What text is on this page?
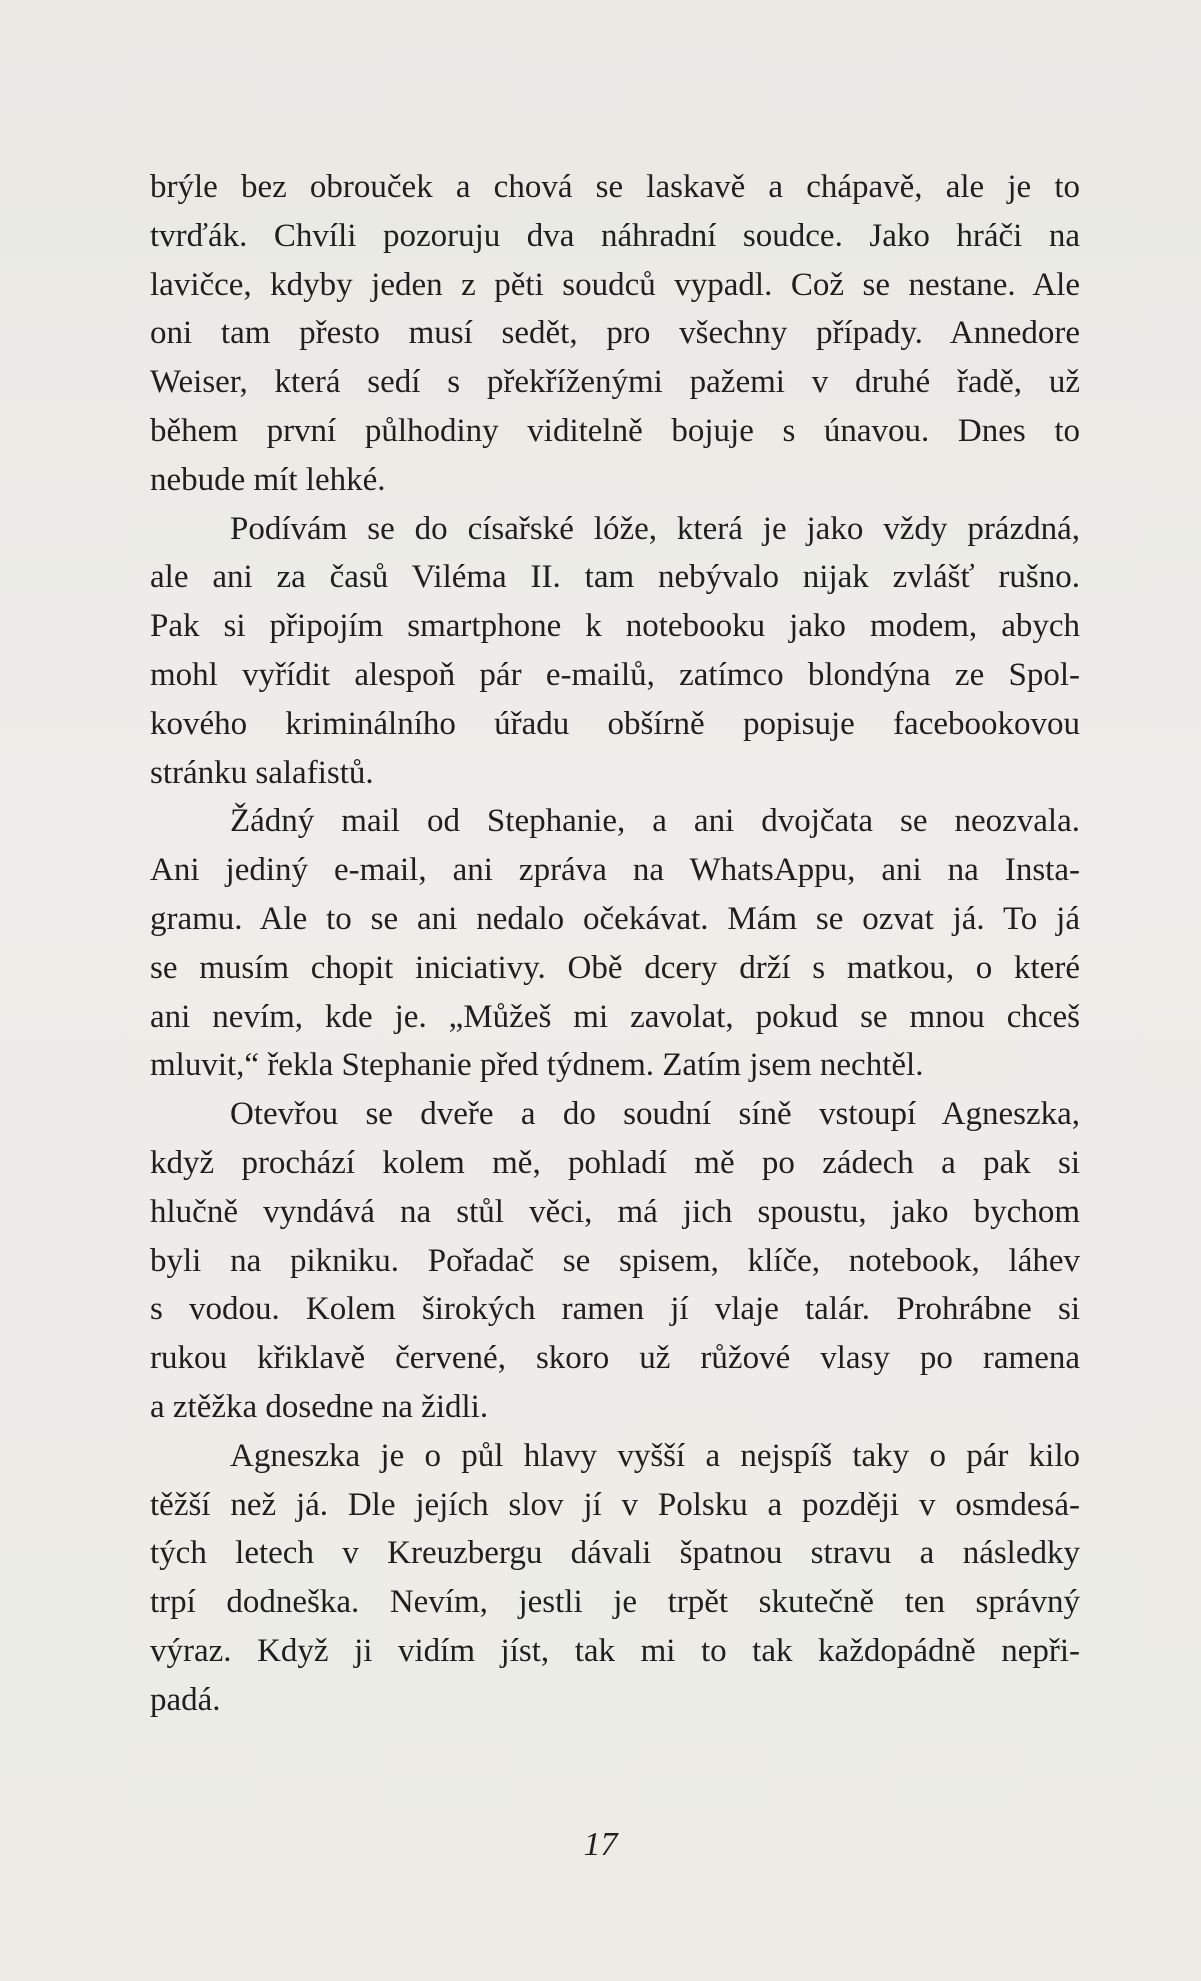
brýle bez obrouček a chová se laskavě a chápavě, ale je to
tvrďák. Chvíli pozoruju dva náhradní soudce. Jako hráči na
lavičce, kdyby jeden z pěti soudců vypadl. Což se nestane. Ale
oni tam přesto musí sedět, pro všechny případy. Annedore
Weiser, která sedí s překříženými pažemi v druhé řadě, už
během první půlhodiny viditelně bojuje s únavou. Dnes to
nebude mít lehké.
Podívám se do císařské lóže, která je jako vždy prázdná,
ale ani za časů Viléma II. tam nebývalo nijak zvlášť rušno.
Pak si připojím smartphone k notebooku jako modem, abych
mohl vyřídit alespoň pár e-mailů, zatímco blondýna ze Spol-
kového kriminálního úřadu obšírně popisuje facebookovou
stránku salafistů.
Žádný mail od Stephanie, a ani dvojčata se neozvala.
Ani jediný e-mail, ani zpráva na WhatsAppu, ani na Insta-
gramu. Ale to se ani nedalo očekávat. Mám se ozvat já. To já
se musím chopit iniciativy. Obě dcery drží s matkou, o které
ani nevím, kde je. „Můžeš mi zavolat, pokud se mnou chceš
mluvit,“ řekla Stephanie před týdnem. Zatím jsem nechtěl.
Otevřou se dveře a do soudní síně vstoupí Agneszka,
když prochází kolem mě, pohladí mě po zádech a pak si
hlučně vyndává na stůl věci, má jich spoustu, jako bychom
byli na pikniku. Pořadač se spisem, klíče, notebook, láhev
s vodou. Kolem širokých ramen jí vlaje talár. Prohrábne si
rukou křiklavě červené, skoro už růžové vlasy po ramena
a ztěžka dosedne na židli.
Agneszka je o půl hlavy vyšší a nejspíš taky o pár kilo
těžší než já. Dle jejích slov jí v Polsku a později v osmdesá-
tých letech v Kreuzbergu dávali špatnou stravu a následky
trpí dodneška. Nevím, jestli je trpět skutečně ten správný
výraz. Když ji vidím jíst, tak mi to tak každopádně nepři-
padá.
17
